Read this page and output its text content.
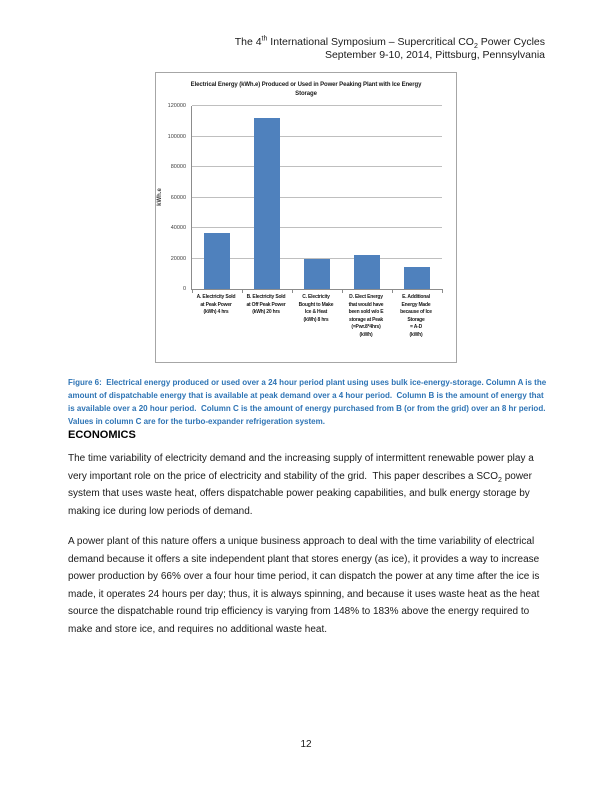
The 4th International Symposium – Supercritical $CO_2$ Power Cycles
September 9-10, 2014, Pittsburg, Pennsylvania
Electrical Energy (kWh.e) Produced or Used in Power Peaking Plant with Ice Energy Storage
kWh.e
0
20000
40000
60000
80000
100000
120000
A. Electricity Sold
at Peak Power
(kWh) 4 hrs
B. Electricity Sold
at Off Peak Power
(kWh) 20 hrs
C. Electricity
Bought to Make
Ice & Heat
(kWh) 8 hrs
D. Elect Energy
that would have
been sold w/o E
storage at Peak
(=Pwr.8*4hrs)
(kWh)
E. Additional
Energy Made
because of Ice
Storage
= A-D
(kWh)

Figure 6:  Electrical energy produced or used over a 24 hour period plant using uses bulk ice-energy-storage. Column A is the amount of dispatchable energy that is available at peak demand over a 4 hour period.  Column B is the amount of energy that is available over a 20 hour period.  Column C is the amount of energy purchased from B (or from the grid) over an 8 hr period.   Values in column C are for the turbo-expander refrigeration system.

ECONOMICS

The time variability of electricity demand and the increasing supply of intermittent renewable power play a very important role on the price of electricity and stability of the grid.  This paper describes a $SCO_2$ power system that uses waste heat, offers dispatchable power peaking capabilities, and bulk energy storage by making ice during low periods of demand.

A power plant of this nature offers a unique business approach to deal with the time variability of electrical demand because it offers a site independent plant that stores energy (as ice), it provides a way to increase power production by 66% over a four hour time period, it can dispatch the power at any time after the ice is made, it operates 24 hours per day; thus, it is always spinning, and because it uses waste heat as the heat source the dispatchable round trip efficiency is varying from 148% to 183% above the energy required to make and store ice, and requires no additional waste heat.

12
